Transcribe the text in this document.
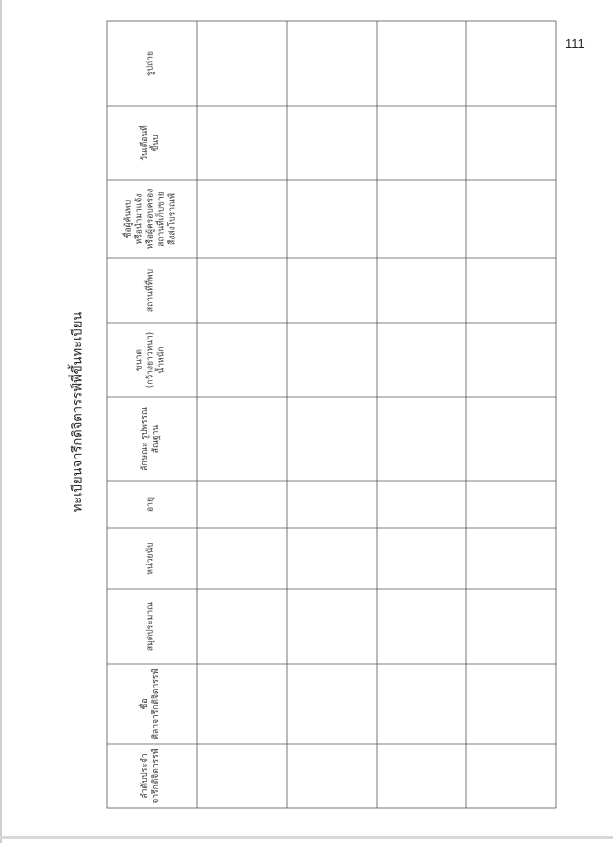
111
รูปถ่าย
วันเดือนที่ ขึ้นบ
ชื่อผู้ค้นพบ หรือนำมาแจ้ง หรือผู้ครอบครอง สถานที่เก็บขาย สืงส่งโบราณฟ์
สถานที่ที่พบ
ขนาด (กว้างยาวหนา) น้ำหนัก
ลักษณะ รูปพรรณ สัณฐาน
อายุ
หน่วยนับ
สมุดประมาณ
ชื่อ ศิลาจารึกดิจิตารรฟ์
ลำดับประจำ จารึกดิจิตารรฟ์
ทะเบียนจารึกดิจิตารรฟ์พี่ขึ้นทะเบียน
